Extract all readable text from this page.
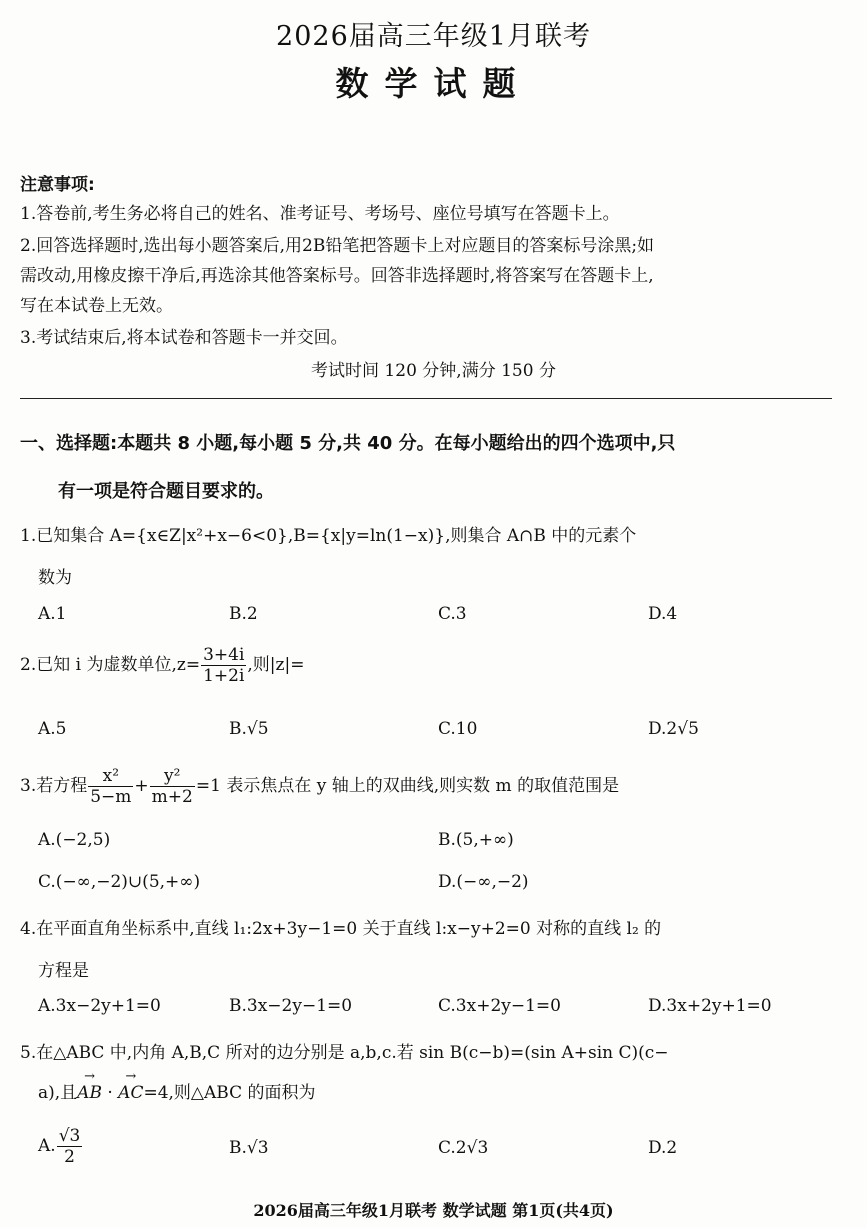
2026届高三年级1月联考
数学试题
注意事项:
1.答卷前,考生务必将自己的姓名、准考证号、考场号、座位号填写在答题卡上。
2.回答选择题时,选出每小题答案后,用2B铅笔把答题卡上对应题目的答案标号涂黑;如
需改动,用橡皮擦干净后,再选涂其他答案标号。回答非选择题时,将答案写在答题卡上,
写在本试卷上无效。
3.考试结束后,将本试卷和答题卡一并交回。
考试时间 120 分钟,满分 150 分
一、选择题:本题共 8 小题,每小题 5 分,共 40 分。在每小题给出的四个选项中,只
有一项是符合题目要求的。
1.已知集合 A={x∈Z|x²+x−6<0},B={x|y=ln(1−x)},则集合 A∩B 中的元素个
数为
A.1	B.2	C.3	D.4
2.已知 i 为虚数单位$,z= \frac{3+4i}{1+2i}$ ,则|z|=
A.5	B.√5	C.10	D.2√5
3.若方程 $\frac{\text{x²}}{5-m} + \frac{\text{y²}}{m+2} =1$ 表示焦点在 y 轴上的双曲线,则实数 m 的取值范围是
A.(−2,5)	B.(5,+∞)
C.(−∞,−2)∪(5,+∞)	D.(−∞,−2)
4.在平面直角坐标系中,直线 l₁:2x+3y−1=0 关于直线 l:x−y+2=0 对称的直线 l₂ 的
方程是
A.3x−2y+1=0	B.3x−2y−1=0	C.3x+2y−1=0	D.3x+2y+1=0
5.在△ABC 中,内角 A,B,C 所对的边分别是 a,b,c.若 sin B(c−b)=(sin A+sin C)(c−
a),且→ AB · → AC=4,则△ABC 的面积为
A. $\frac{√3}{2}$	B.√3	C.2√3	D.2
2026届高三年级1月联考 数学试题 第1页(共4页)
